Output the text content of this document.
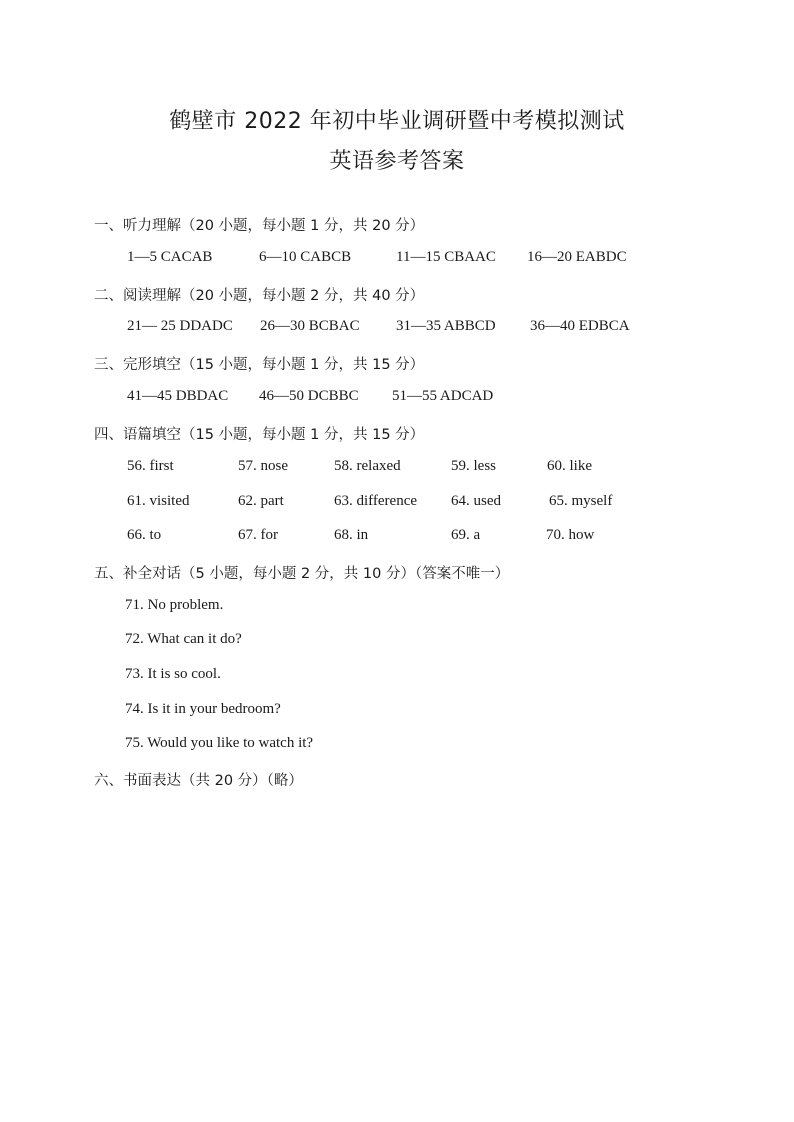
鹤壁市 2022 年初中毕业调研暨中考模拟测试
英语参考答案
一、听力理解（20 小题，每小题 1 分，共 20 分）
1—5 CACAB	6—10 CABCB	11—15 CBAAC 16—20 EABDC
二、阅读理解（20 小题，每小题 2 分，共 40 分）
21— 25 DDADC 26—30 BCBAC 31—35 ABBCD 36—40 EDBCA
三、完形填空（15 小题，每小题 1 分，共 15 分）
41—45 DBDAC 46—50 DCBBC 51—55 ADCAD
四、语篇填空（15 小题，每小题 1 分，共 15 分）
56. first	57. nose	58. relaxed	59. less	60. like
61. visited	62. part	63. difference 64. used	65. myself
66. to	67. for	68. in	69. a	70. how
五、补全对话（5 小题，每小题 2 分，共 10 分）（答案不唯一）
71. No problem.
72. What can it do?
73. It is so cool.
74. Is it in your bedroom?
75. Would you like to watch it?
六、书面表达（共 20 分）（略）
